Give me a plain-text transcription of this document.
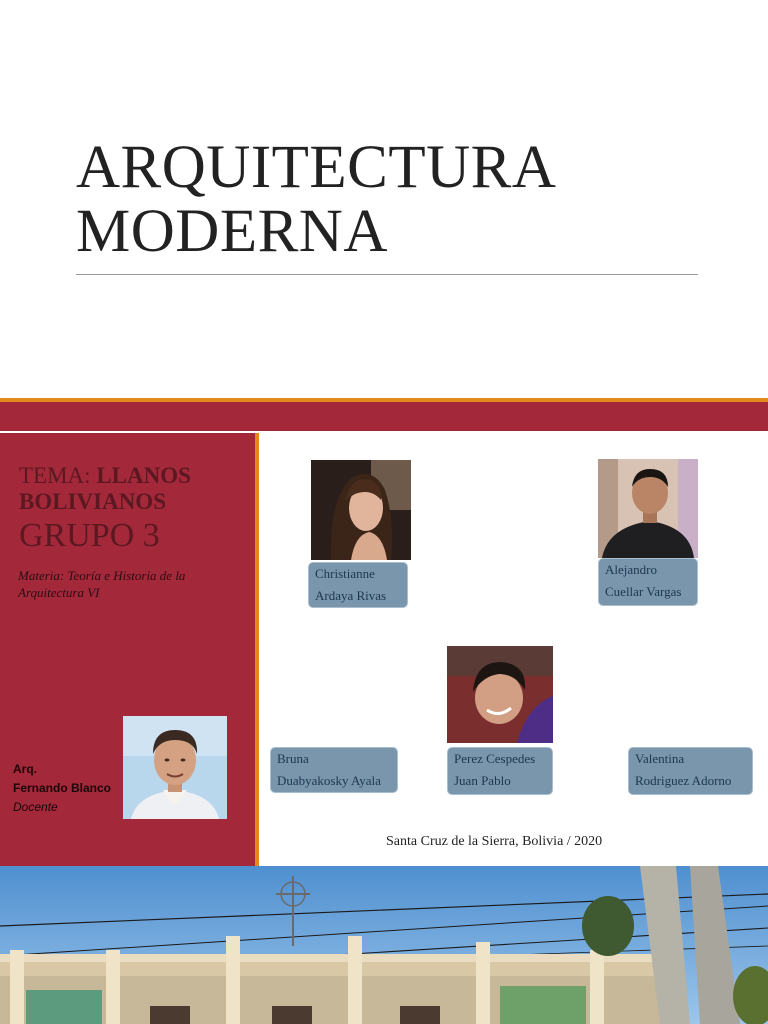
ARQUITECTURA
MODERNA
TEMA: LLANOS BOLIVIANOS
GRUPO 3
Materia: Teoría e Historia de la Arquitectura VI
Arq.
Fernando Blanco
Docente
Christianne
Ardaya Rivas
Alejandro
Cuellar Vargas
Bruna
Duabyakosky Ayala
Perez Cespedes
Juan Pablo
Valentina
Rodriguez Adorno
Santa Cruz de la Sierra, Bolivia / 2020
